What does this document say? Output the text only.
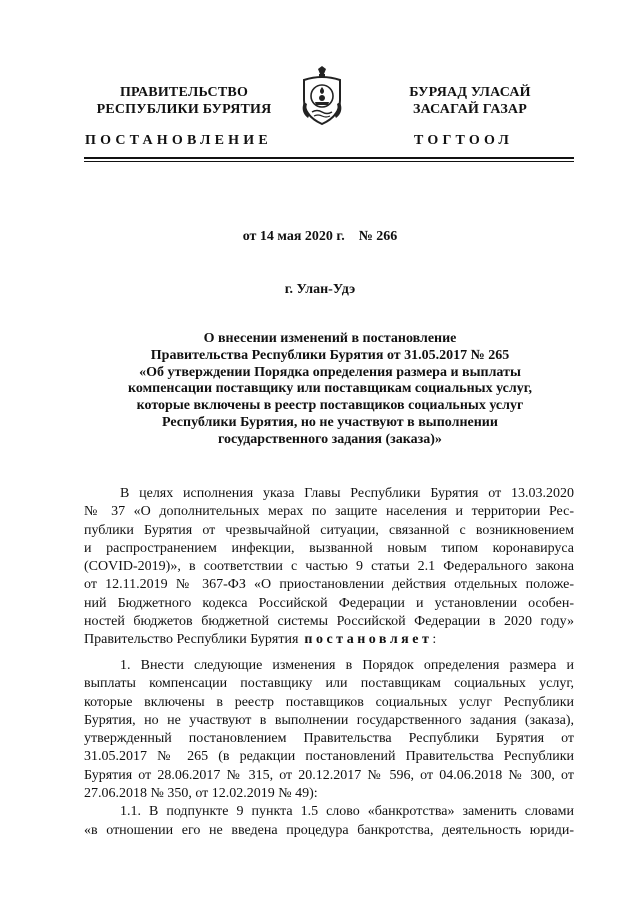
ПРАВИТЕЛЬСТВО
РЕСПУБЛИКИ БУРЯТИЯ
БУРЯАД УЛАСАЙ
ЗАСАГАЙ ГАЗАР
ПОСТАНОВЛЕНИЕ	ТОГТООЛ
от 14 мая 2020 г. № 266
г. Улан-Удэ
О внесении изменений в постановление
Правительства Республики Бурятия от 31.05.2017 № 265
«Об утверждении Порядка определения размера и выплаты
компенсации поставщику или поставщикам социальных услуг,
которые включены в реестр поставщиков социальных услуг
Республики Бурятия, но не участвуют в выполнении
государственного задания (заказа)»
В целях исполнения указа Главы Республики Бурятия от 13.03.2020
№ 37 «О дополнительных мерах по защите населения и территории Рес-
публики Бурятия от чрезвычайной ситуации, связанной с возникновением
и распространением инфекции, вызванной новым типом коронавируса
(COVID-2019)», в соответствии с частью 9 статьи 2.1 Федерального закона
от 12.11.2019 № 367-ФЗ «О приостановлении действия отдельных положе-
ний Бюджетного кодекса Российской Федерации и установлении особен-
ностей бюджетов бюджетной системы Российской Федерации в 2020 году»
Правительство Республики Бурятия постановляет:
1. Внести следующие изменения в Порядок определения размера и
выплаты компенсации поставщику или поставщикам социальных услуг,
которые включены в реестр поставщиков социальных услуг Республики
Бурятия, но не участвуют в выполнении государственного задания (заказа),
утвержденный постановлением Правительства Республики Бурятия от
31.05.2017 № 265 (в редакции постановлений Правительства Республики
Бурятия от 28.06.2017 № 315, от 20.12.2017 № 596, от 04.06.2018 № 300, от
27.06.2018 № 350, от 12.02.2019 № 49):
1.1. В подпункте 9 пункта 1.5 слово «банкротства» заменить словами
«в отношении его не введена процедура банкротства, деятельность юриди-
